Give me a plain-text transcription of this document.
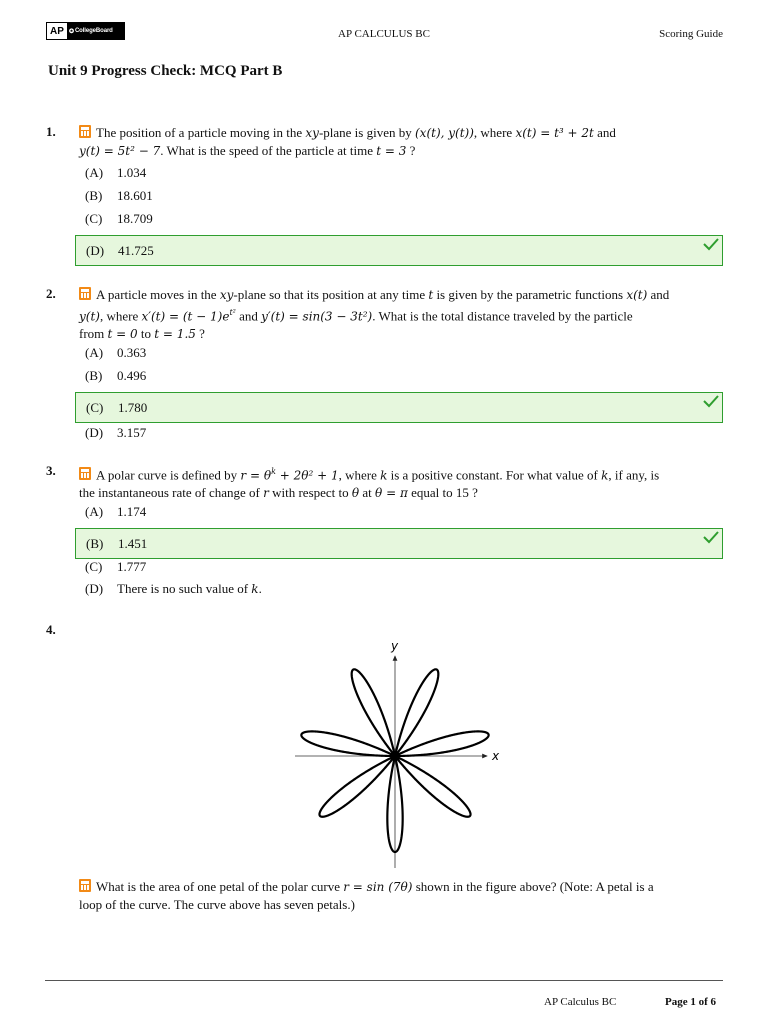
AP ✪ CollegeBoard	AP CALCULUS BC	Scoring Guide
Unit 9 Progress Check: MCQ Part B
1.	The position of a particle moving in the xy-plane is given by (x(t), y(t)), where x(t) = t³ + 2t and
y(t) = 5t² − 7. What is the speed of the particle at time t = 3 ?
(A) 1.034
(B) 18.601
(C) 18.709
(D) 41.725
2.	A particle moves in the xy-plane so that its position at any time t is given by the parametric functions x(t) and
y(t), where $x'(t) = (t - 1)e^{t^2}$ and y′(t) = sin(3 − 3t²). What is the total distance traveled by the particle
from t = 0 to t = 1.5 ?
(A) 0.363
(B) 0.496
(C) 1.780
(D) 3.157
3.	A polar curve is defined by $r = \theta^k + 2\theta^2 + 1$, where k is a positive constant. For what value of k, if any, is
the instantaneous rate of change of r with respect to θ at θ = π equal to 15 ?
(A) 1.174
(B) 1.451
(C) 1.777
(D) There is no such value of k.
4.
x
y
What is the area of one petal of the polar curve r = sin (7θ) shown in the figure above? (Note: A petal is a
loop of the curve. The curve above has seven petals.)
AP Calculus BC	Page 1 of 6
